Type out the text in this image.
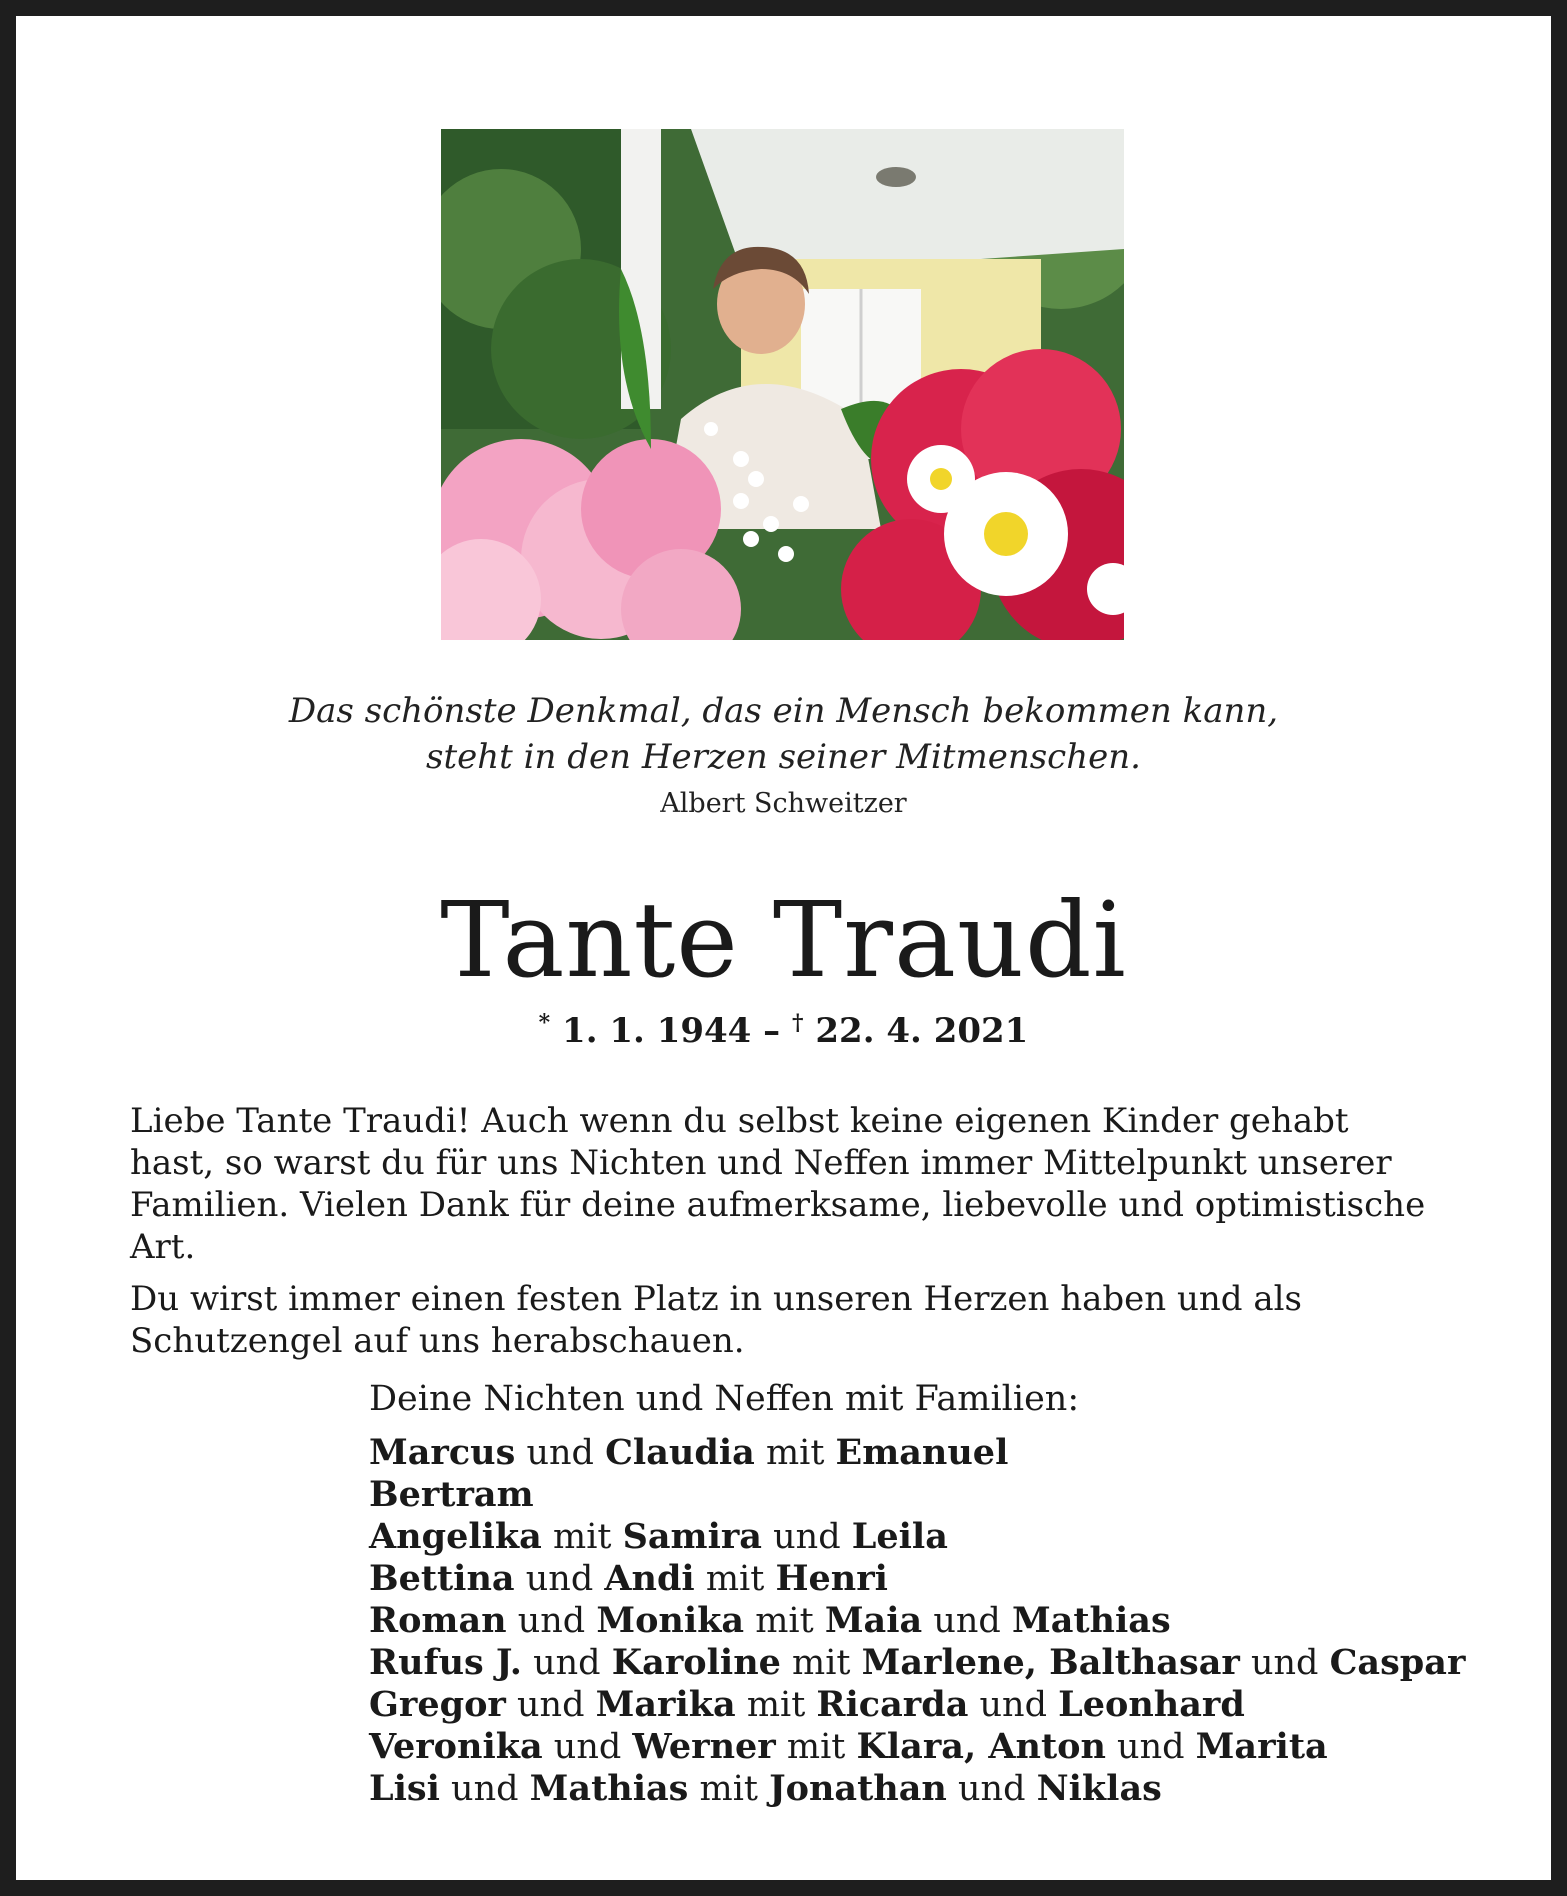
Das schönste Denkmal, das ein Mensch bekommen kann,
steht in den Herzen seiner Mitmenschen.
Albert Schweitzer
Tante Traudi
* 1. 1. 1944 – † 22. 4. 2021

Liebe Tante Traudi! Auch wenn du selbst keine eigenen Kinder gehabt hast, so warst du für uns Nichten und Neffen immer Mittelpunkt unserer Familien. Vielen Dank für deine aufmerksame, liebevolle und optimistische Art.

Du wirst immer einen festen Platz in unseren Herzen haben und als Schutzengel auf uns herabschauen.

Deine Nichten und Neffen mit Familien:
Marcus und Claudia mit Emanuel
Bertram
Angelika mit Samira und Leila
Bettina und Andi mit Henri
Roman und Monika mit Maia und Mathias
Rufus J. und Karoline mit Marlene, Balthasar und Caspar
Gregor und Marika mit Ricarda und Leonhard
Veronika und Werner mit Klara, Anton und Marita
Lisi und Mathias mit Jonathan und Niklas
